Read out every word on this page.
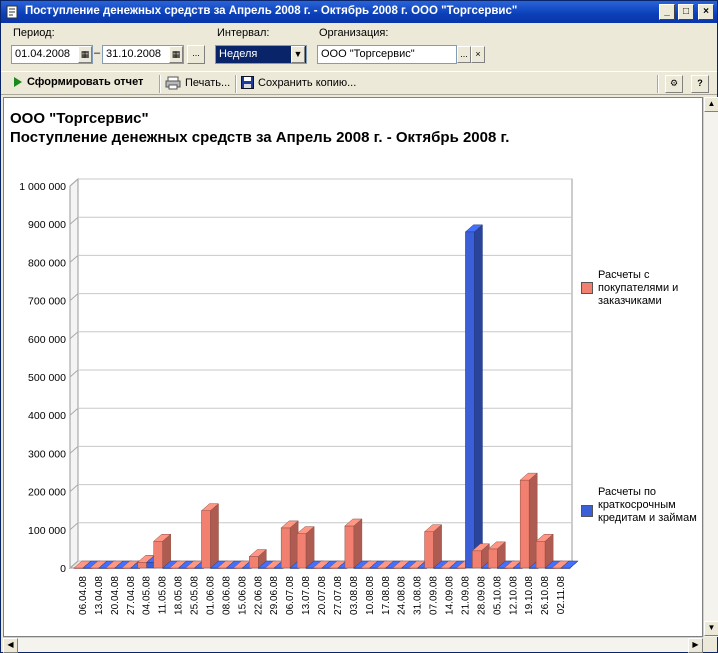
Поступление денежных средств за Апрель 2008 г. - Октябрь 2008 г. ООО "Торгсервис"	_	□	×
Период:
01.04.2008	▦ – 31.10.2008	▦	...
Интервал:
Неделя	▼
Организация:
ООО "Торгсервис"	... ×
Сформировать отчет	Печать...	Сохранить копию...	⚙	?
ООО "Торгсервис"
Поступление денежных средств за Апрель 2008 г. - Октябрь 2008 г.
0
100 000
200 000
300 000
400 000
500 000
600 000
700 000
800 000
900 000
1 000 000
06.04.08 13.04.08 20.04.08 27.04.08 04.05.08 11.05.08 18.05.08 25.05.08 01.06.08 08.06.08 15.06.08 22.06.08 29.06.08 06.07.08 13.07.08 20.07.08 27.07.08 03.08.08 10.08.08 17.08.08 24.08.08 31.08.08 07.09.08 14.09.08 21.09.08 28.09.08 05.10.08 12.10.08 19.10.08 26.10.08 02.11.08
Расчеты с покупателями и заказчиками
Расчеты по краткосрочным кредитам и займам
▲
▼
◀	▶
